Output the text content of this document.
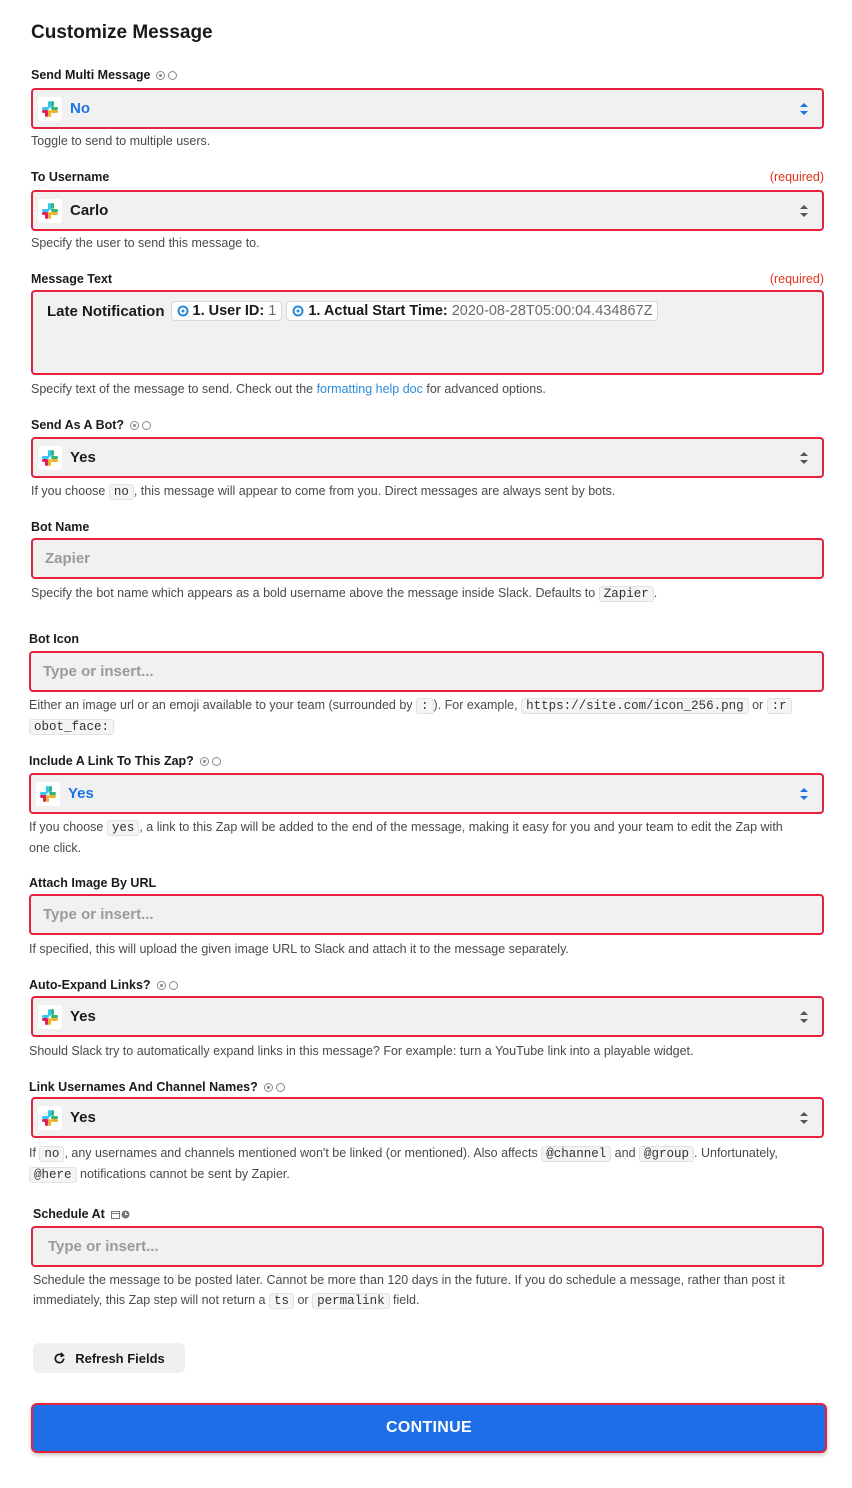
Customize Message
Send Multi Message
No
Toggle to send to multiple users.
To Username	(required)
Carlo
Specify the user to send this message to.
Message Text	(required)
Late Notification 1. User ID: 1 1. Actual Start Time: 2020-08-28T05:00:04.434867Z
Specify text of the message to send. Check out the formatting help doc for advanced options.
Send As A Bot?
Yes
If you choose no , this message will appear to come from you. Direct messages are always sent by bots.
Bot Name
Zapier
Specify the bot name which appears as a bold username above the message inside Slack. Defaults to Zapier .
Bot Icon
Type or insert...
Either an image url or an emoji available to your team (surrounded by : ). For example, https://site.com/icon_256.png or :r
obot_face:
Include A Link To This Zap?
Yes
If you choose yes , a link to this Zap will be added to the end of the message, making it easy for you and your team to edit the Zap with
one click.
Attach Image By URL
Type or insert...
If specified, this will upload the given image URL to Slack and attach it to the message separately.
Auto-Expand Links?
Yes
Should Slack try to automatically expand links in this message? For example: turn a YouTube link into a playable widget.
Link Usernames And Channel Names?
Yes
If no , any usernames and channels mentioned won't be linked (or mentioned). Also affects @channel and @group . Unfortunately,
@here notifications cannot be sent by Zapier.
Schedule At
Type or insert...
Schedule the message to be posted later. Cannot be more than 120 days in the future. If you do schedule a message, rather than post it
immediately, this Zap step will not return a ts or permalink field.
Refresh Fields
CONTINUE
